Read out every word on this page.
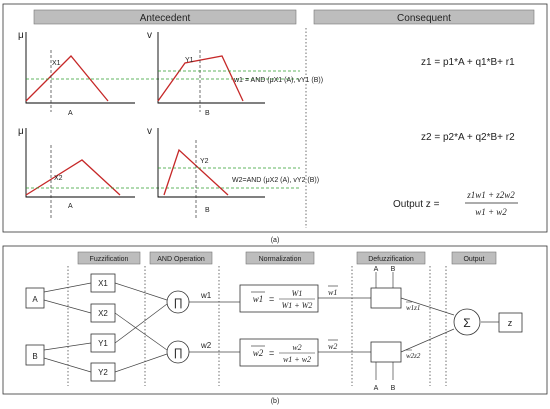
Antecedent	Consequent
μ
X1
A
v
Y1
B
w1 = AND (μX1 (A), vY1 (B))
μ
X2
A
v
Y2
B
W2=AND (μX2 (A), vY2 (B))
z1 = p1*A + q1*B+ r1
z2 = p2*A + q2*B+ r2
Output z =
z1w1 + z2w2
w1 + w2
(a)
Fuzzification	AND Operation	Normalization	Defuzzification	Output
A
B
X1
X2
Y1
Y2
∏
∏
w1
w2
w1 =
W1
W1 + W2
w2 =
w2
w1 + w2
w1
w2
A B
A B
w1z1
w2z2
Σ	z
(b)
